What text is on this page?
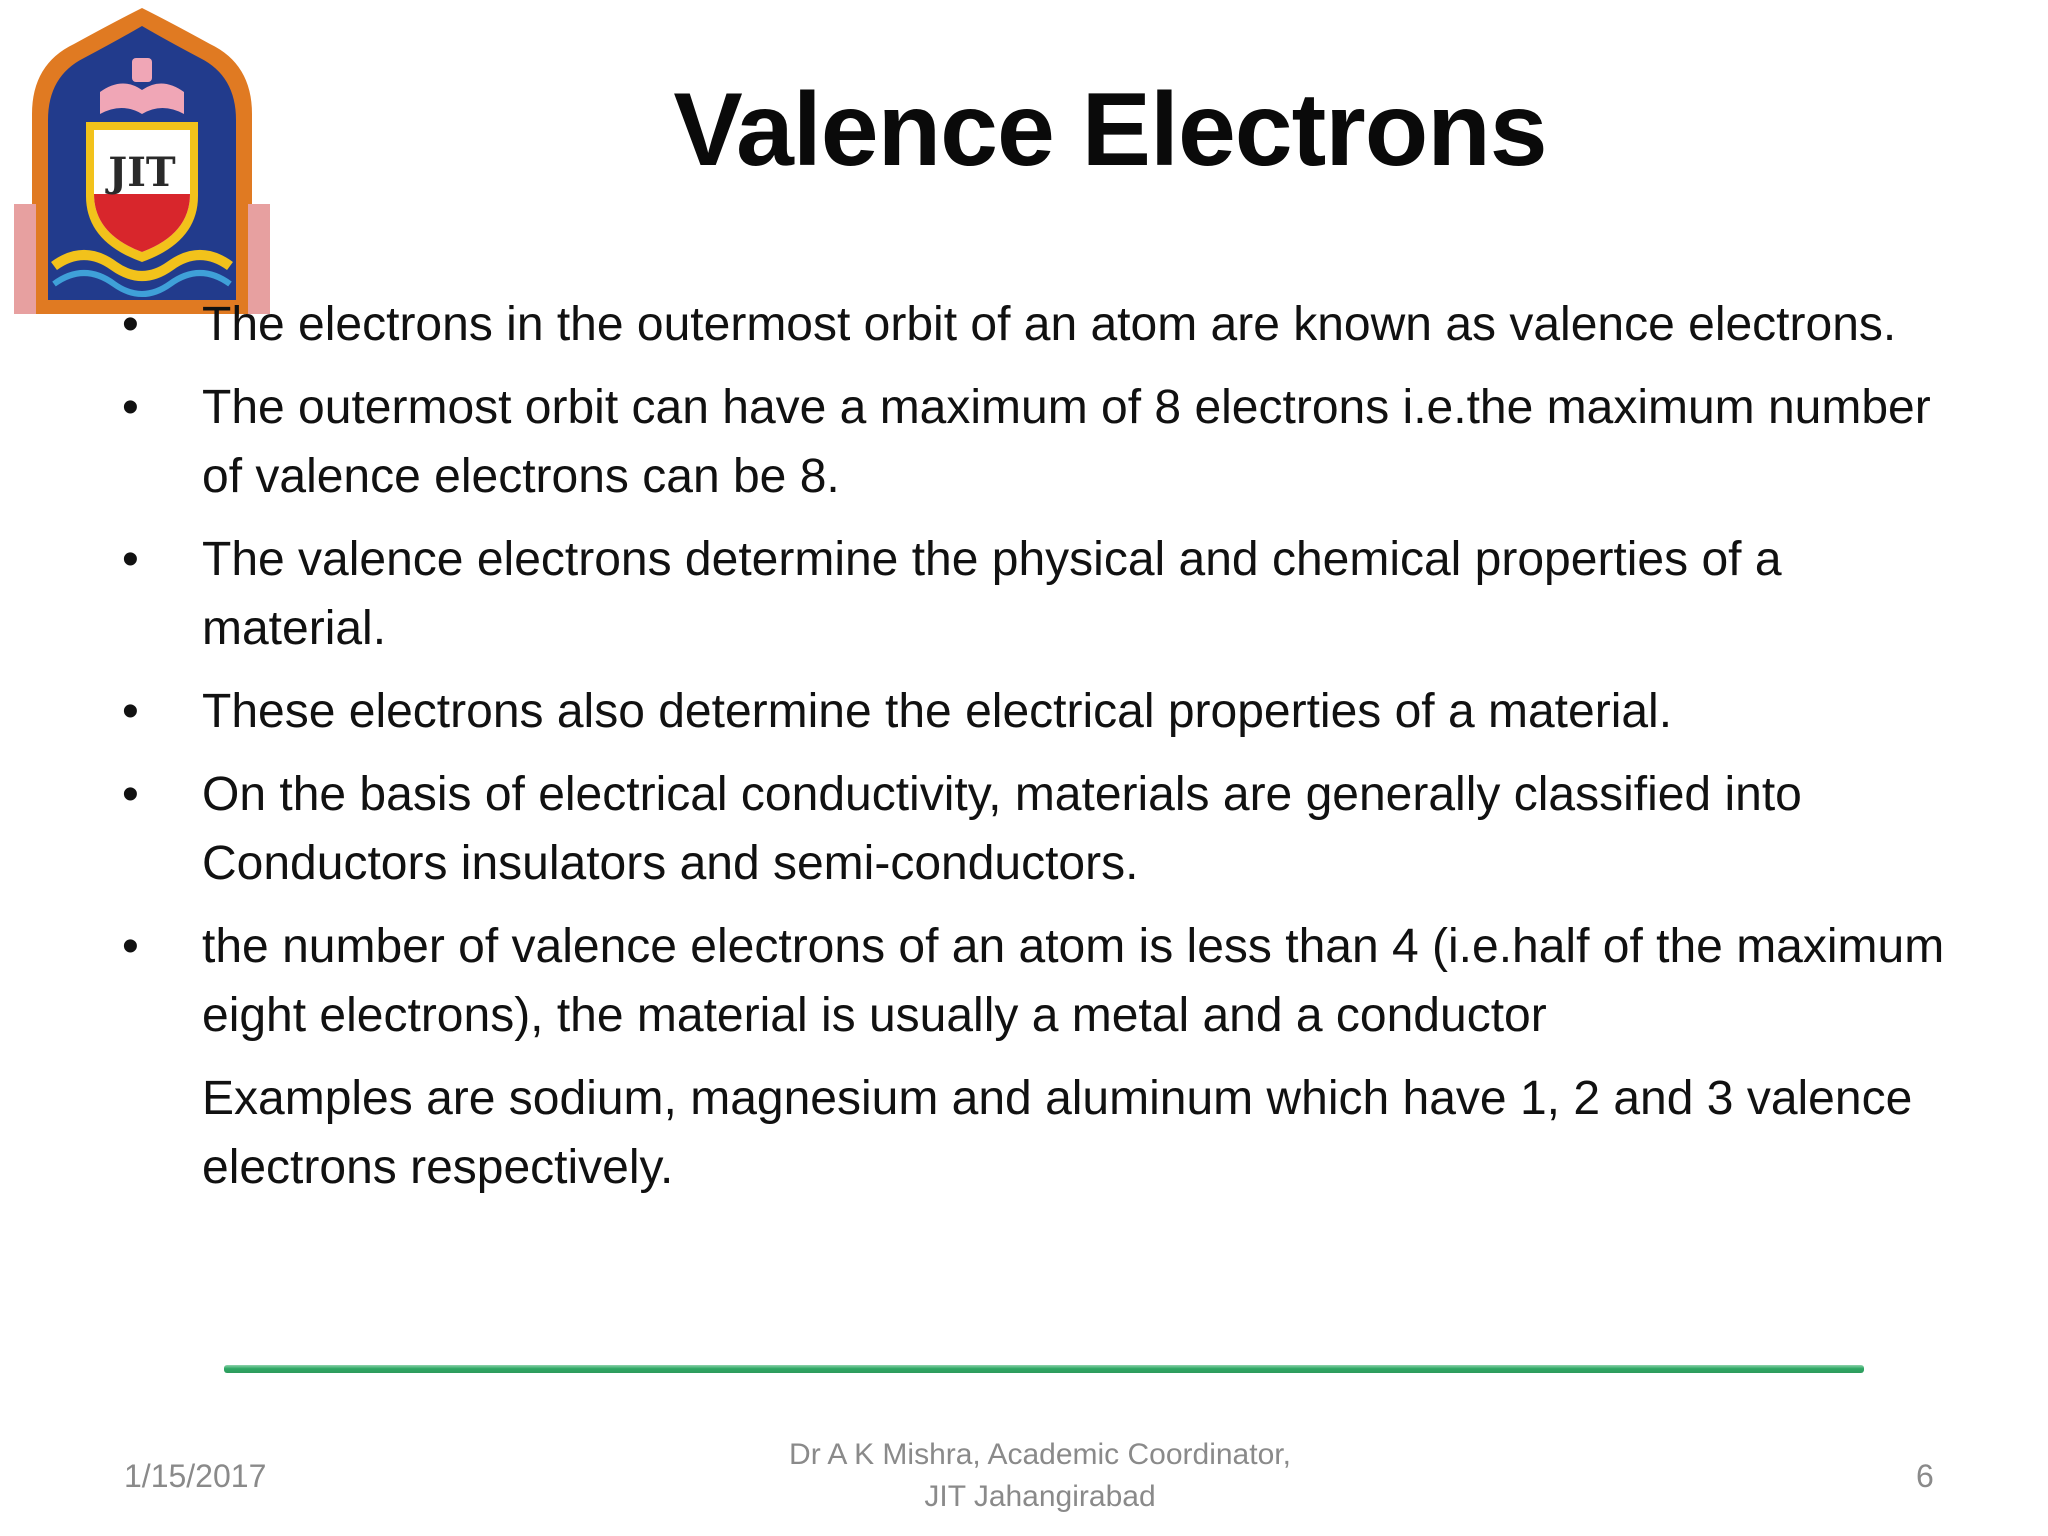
JIT	Valence Electrons
• The electrons in the outermost orbit of an atom are known as valence electrons.
• The outermost orbit can have a maximum of 8 electrons i.e.the maximum number of valence electrons can be 8.
• The valence electrons determine the physical and chemical properties of a material.
• These electrons also determine the electrical properties of a material.
• On the basis of electrical conductivity, materials are generally classified into Conductors insulators and semi-conductors.
• the number of valence electrons of an atom is less than 4 (i.e.half of the maximum eight electrons), the material is usually a metal and a conductor
Examples are sodium, magnesium and aluminum which have 1, 2 and 3 valence electrons respectively.
1/15/2017
Dr A K Mishra, Academic Coordinator,
JIT Jahangirabad
6
